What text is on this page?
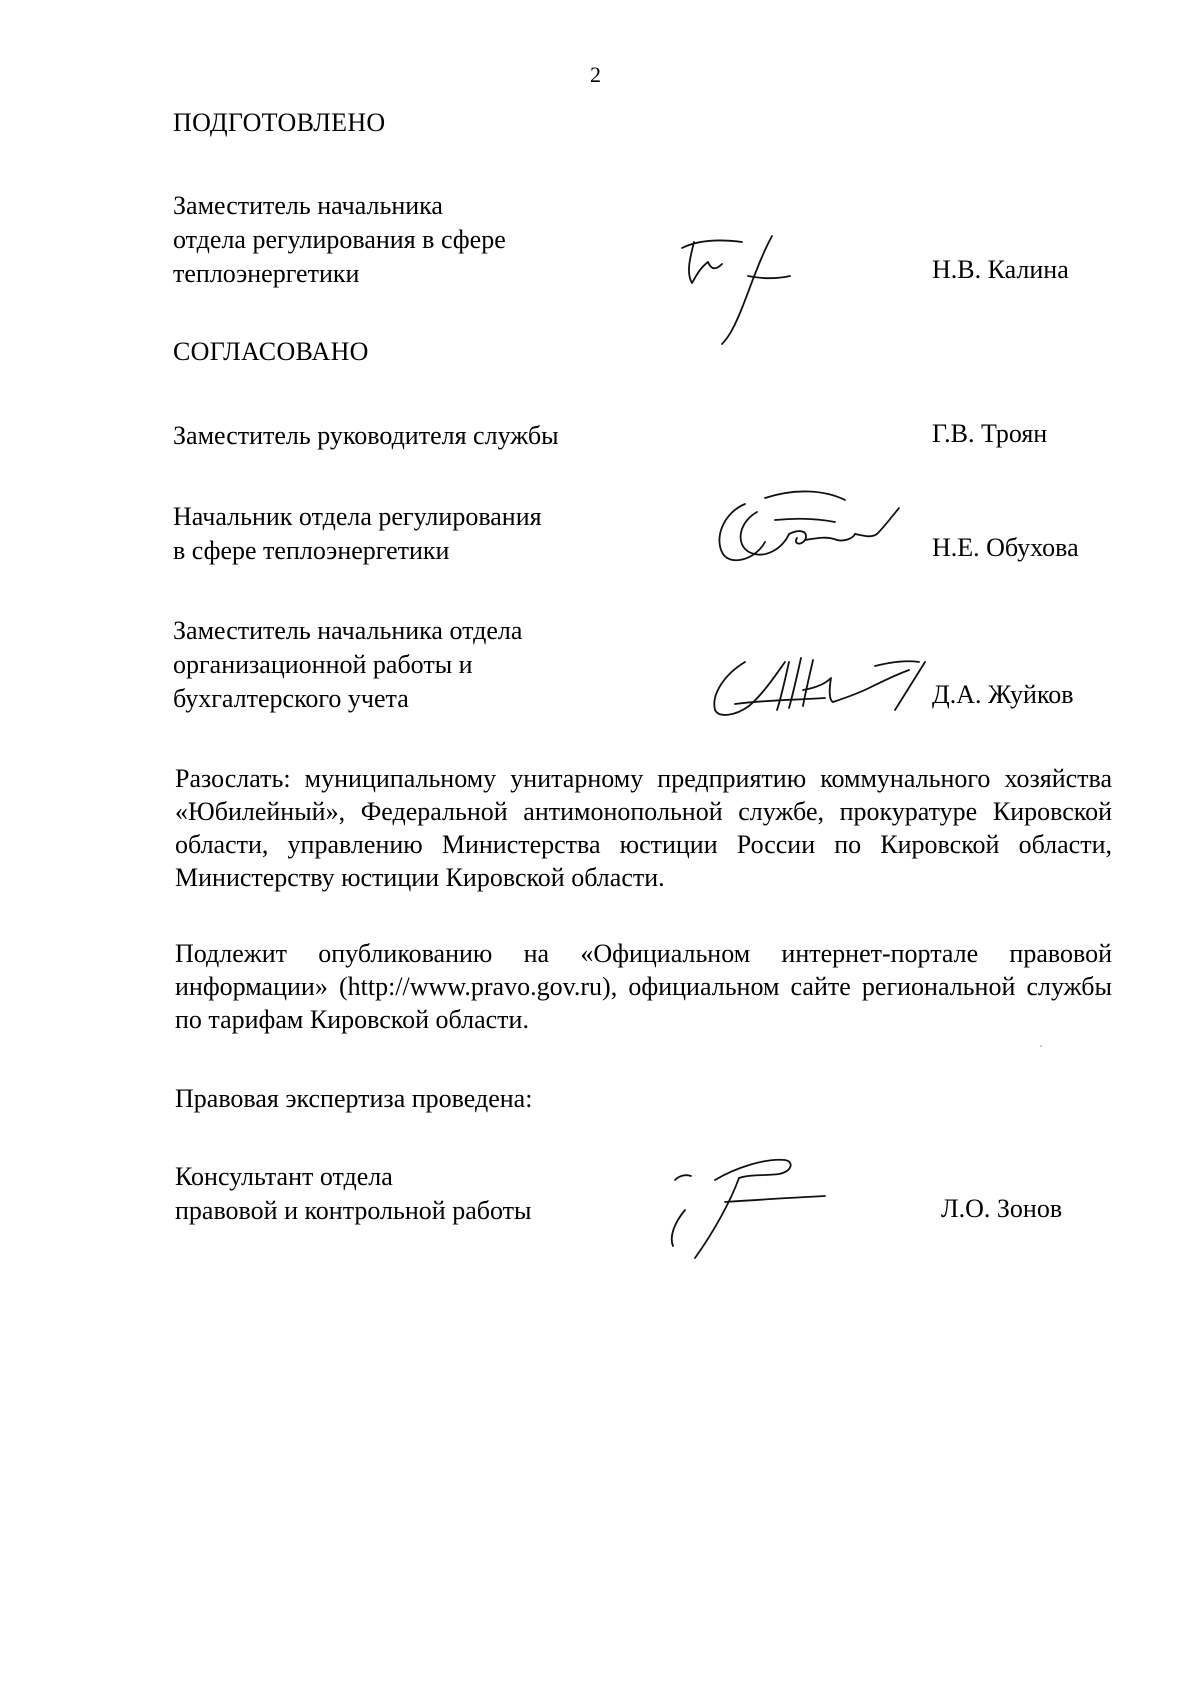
2
ПОДГОТОВЛЕНО
Заместитель начальника
отдела регулирования в сфере
теплоэнергетики	Н.В. Калина
СОГЛАСОВАНО
Заместитель руководителя службы	Г.В. Троян
Начальник отдела регулирования
в сфере теплоэнергетики	Н.Е. Обухова
Заместитель начальника отдела
организационной работы и
бухгалтерского учета	Д.А. Жуйков
Разослать: муниципальному унитарному предприятию коммунального хозяйства «Юбилейный», Федеральной антимонопольной службе, прокуратуре Кировской области, управлению Министерства юстиции России по Кировской области, Министерству юстиции Кировской области.
Подлежит опубликованию на «Официальном интернет-портале правовой информации» (http://www.pravo.gov.ru), официальном сайте региональной службы по тарифам Кировской области.
Правовая экспертиза проведена:
Консультант отдела
правовой и контрольной работы	Л.О. Зонов
